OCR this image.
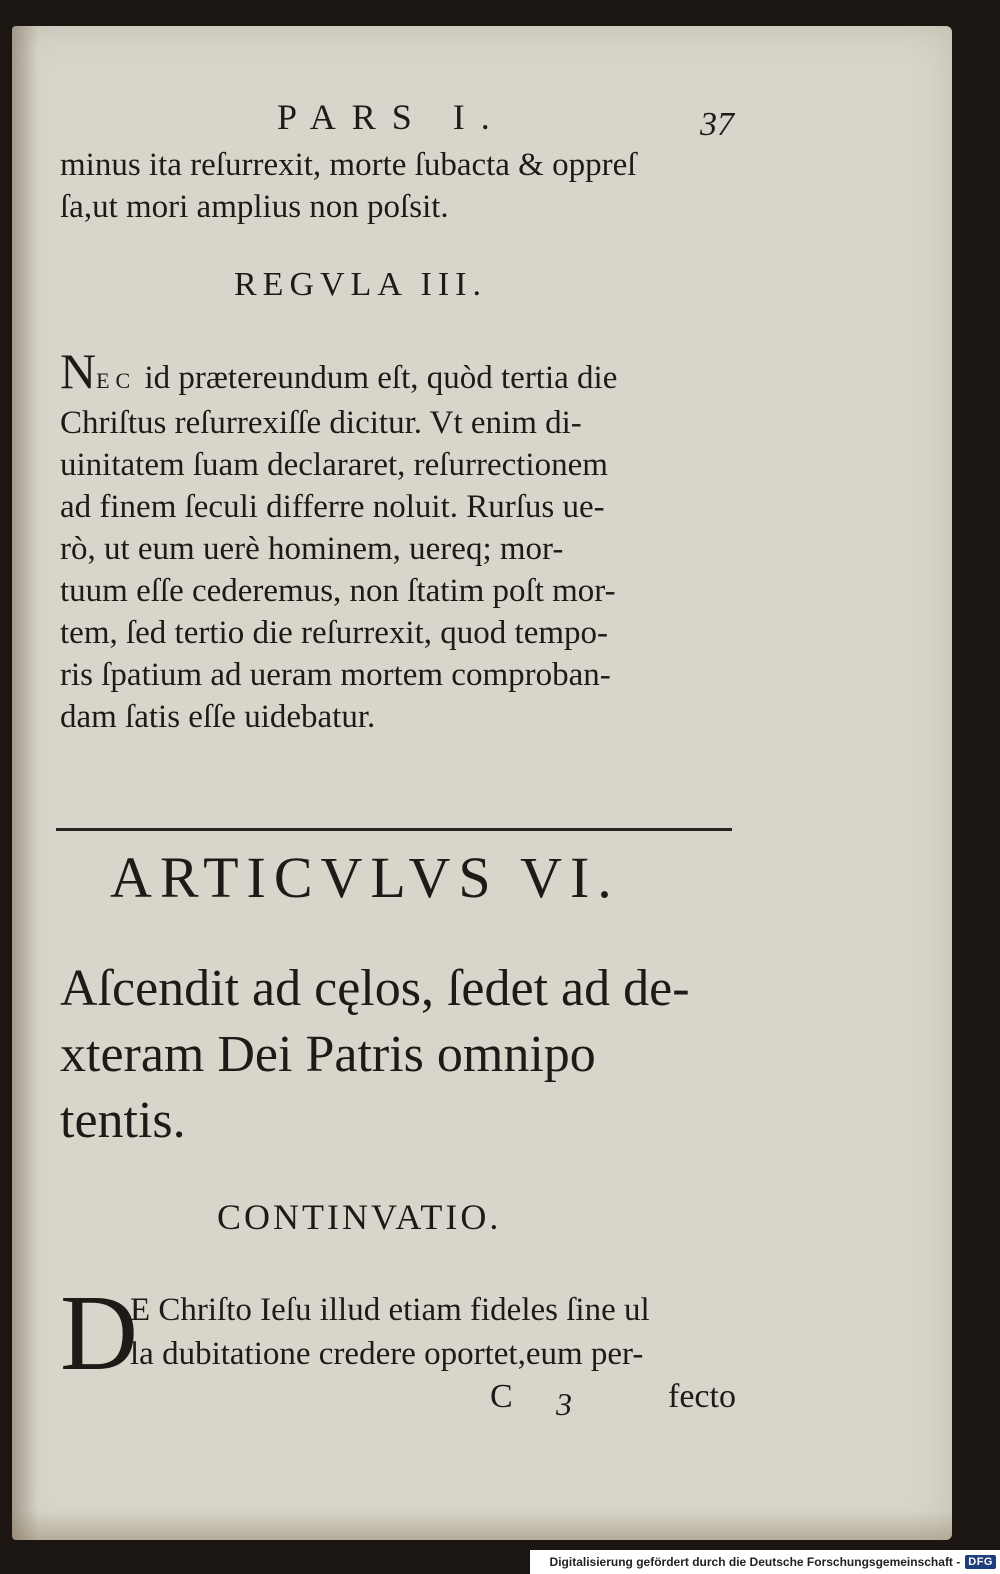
PARS I.	37
minus ita reſurrexit, morte ſubacta & oppreſ
ſa,ut mori amplius non poſsit.
REGVLA III.
NEC id prætereundum eſt, quòd tertia die
Chriſtus reſurrexiſſe dicitur. Vt enim di-
uinitatem ſuam declararet, reſurrectionem
ad finem ſeculi differre noluit. Rurſus ue-
rò, ut eum uerè hominem, uereq; mor-
tuum eſſe cederemus, non ſtatim poſt mor-
tem, ſed tertio die reſurrexit, quod tempo-
ris ſpatium ad ueram mortem comproban-
dam ſatis eſſe uidebatur.
ARTICVLVS VI.
Aſcendit ad cęlos, ſedet ad de-
xteram Dei Patris omnipo
tentis.
CONTINVATIO.
D
E Chriſto Ieſu illud etiam fideles ſine ul
la dubitatione credere oportet,eum per-
C 3	fecto
Digitalisierung gefördert durch die Deutsche Forschungsgemeinschaft - DFG
